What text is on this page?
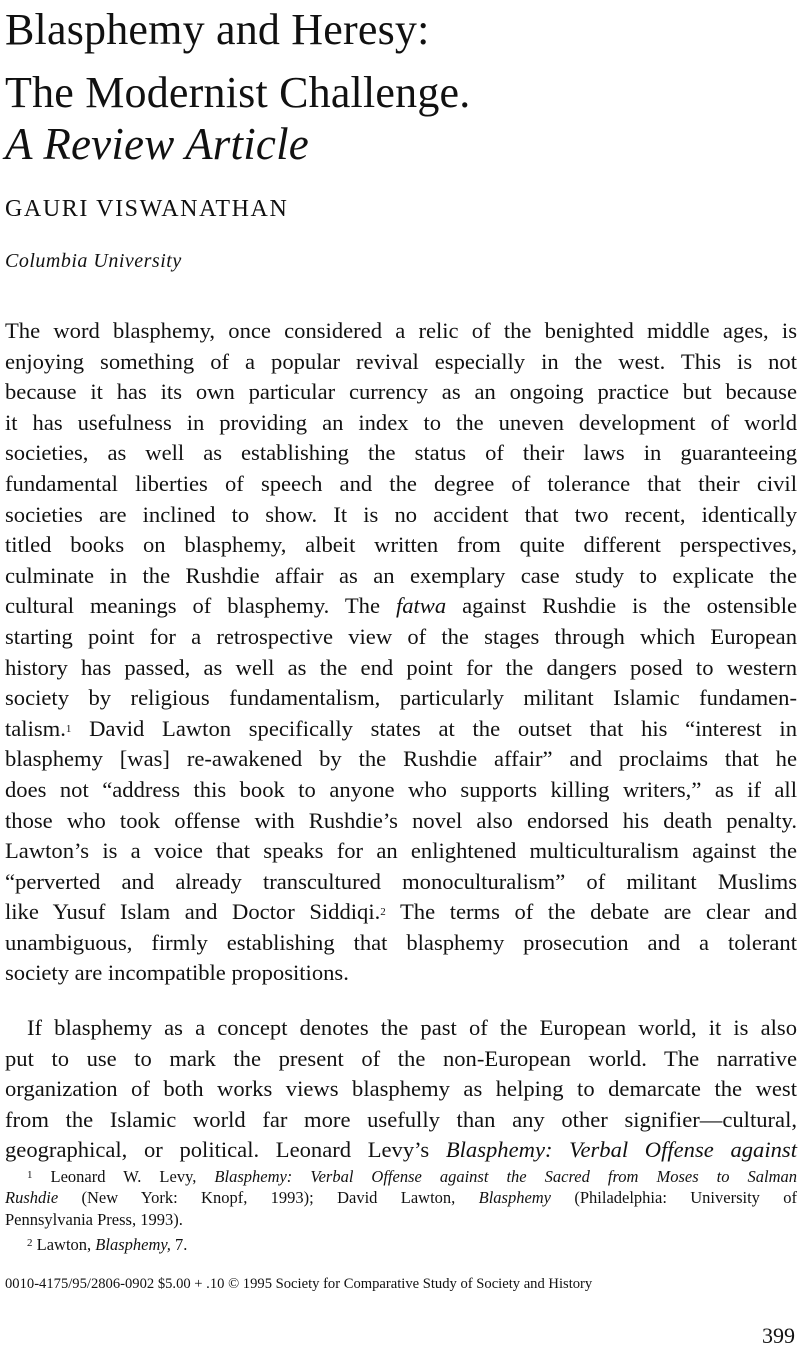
Blasphemy and Heresy:
The Modernist Challenge.
A Review Article
GAURI VISWANATHAN
Columbia University
The word blasphemy, once considered a relic of the benighted middle ages, is
enjoying something of a popular revival especially in the west. This is not
because it has its own particular currency as an ongoing practice but because
it has usefulness in providing an index to the uneven development of world
societies, as well as establishing the status of their laws in guaranteeing
fundamental liberties of speech and the degree of tolerance that their civil
societies are inclined to show. It is no accident that two recent, identically
titled books on blasphemy, albeit written from quite different perspectives,
culminate in the Rushdie affair as an exemplary case study to explicate the
cultural meanings of blasphemy. The fatwa against Rushdie is the ostensible
starting point for a retrospective view of the stages through which European
history has passed, as well as the end point for the dangers posed to western
society by religious fundamentalism, particularly militant Islamic fundamen-
talism.$^1$ David Lawton specifically states at the outset that his “interest in
blasphemy [was] re-awakened by the Rushdie affair” and proclaims that he
does not “address this book to anyone who supports killing writers,” as if all
those who took offense with Rushdie’s novel also endorsed his death penalty.
Lawton’s is a voice that speaks for an enlightened multiculturalism against the
“perverted and already transcultured monoculturalism” of militant Muslims
like Yusuf Islam and Doctor Siddiqi.$^2$ The terms of the debate are clear and
unambiguous, firmly establishing that blasphemy prosecution and a tolerant
society are incompatible propositions.
If blasphemy as a concept denotes the past of the European world, it is also
put to use to mark the present of the non-European world. The narrative
organization of both works views blasphemy as helping to demarcate the west
from the Islamic world far more usefully than any other signifier—cultural,
geographical, or political. Leonard Levy’s Blasphemy: Verbal Offense against
$^1$ Leonard W. Levy, Blasphemy: Verbal Offense against the Sacred from Moses to Salman
Rushdie (New York: Knopf, 1993); David Lawton, Blasphemy (Philadelphia: University of
Pennsylvania Press, 1993).
$^2$ Lawton, Blasphemy, 7.
0010-4175/95/2806-0902 $5.00 + .10 © 1995 Society for Comparative Study of Society and History
399
